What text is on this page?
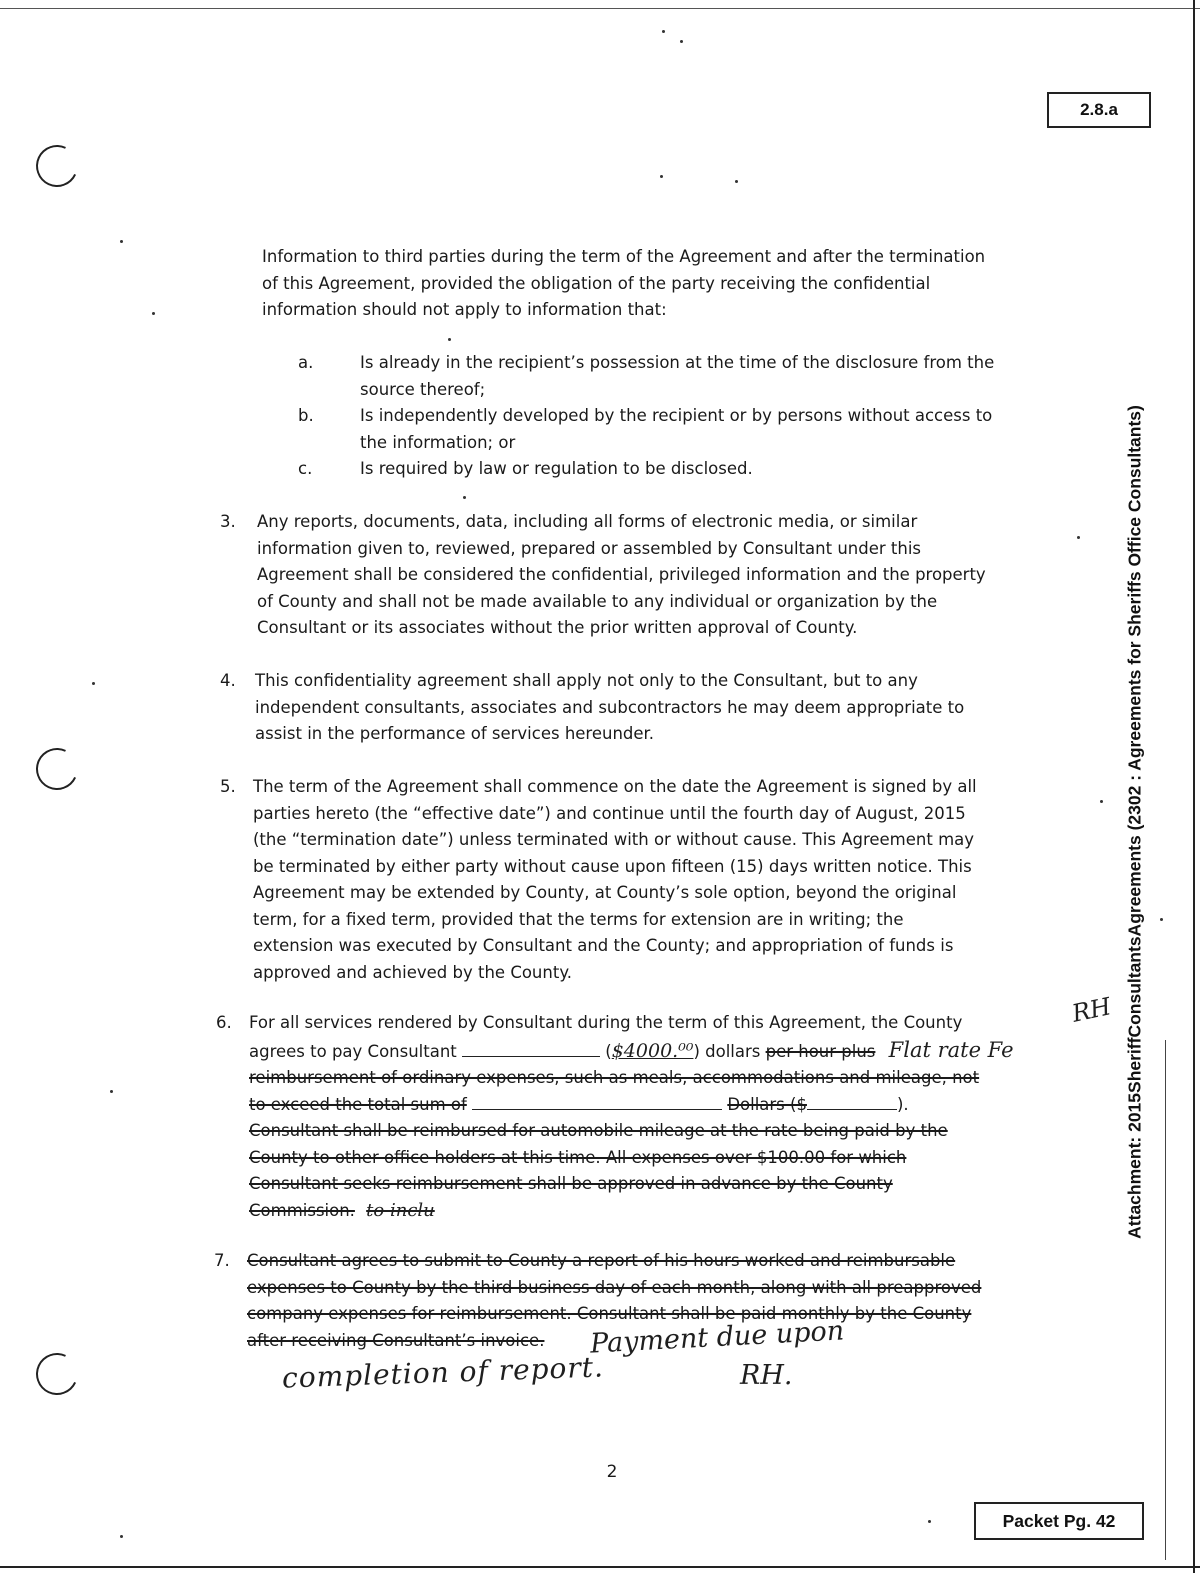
2.8.a
Attachment: 2015SheriffConsultantsAgreements (2302 : Agreements for Sheriffs Office Consultants)
Information to third parties during the term of the Agreement and after the termination
of this Agreement, provided the obligation of the party receiving the confidential
information should not apply to information that:
a.	Is already in the recipient’s possession at the time of the disclosure from the
source thereof;
b.	Is independently developed by the recipient or by persons without access to
the information; or
c.	Is required by law or regulation to be disclosed.
3. Any reports, documents, data, including all forms of electronic media, or similar
information given to, reviewed, prepared or assembled by Consultant under this
Agreement shall be considered the confidential, privileged information and the property
of County and shall not be made available to any individual or organization by the
Consultant or its associates without the prior written approval of County.
4. This confidentiality agreement shall apply not only to the Consultant, but to any
independent consultants, associates and subcontractors he may deem appropriate to
assist in the performance of services hereunder.
5. The term of the Agreement shall commence on the date the Agreement is signed by all
parties hereto (the “effective date”) and continue until the fourth day of August, 2015
(the “termination date”) unless terminated with or without cause. This Agreement may
be terminated by either party without cause upon fifteen (15) days written notice. This
Agreement may be extended by County, at County’s sole option, beyond the original
term, for a fixed term, provided that the terms for extension are in writing; the
extension was executed by Consultant and the County; and appropriation of funds is
approved and achieved by the County.
6. For all services rendered by Consultant during the term of this Agreement, the County
agrees to pay Consultant	($4000.⁰⁰) dollars per hour plus Flat rate Fe
reimbursement of ordinary expenses, such as meals, accommodations and mileage, not
to exceed the total sum of	Dollars ($	).
Consultant shall be reimbursed for automobile mileage at the rate being paid by the
County to other office holders at this time. All expenses over $100.00 for which
Consultant seeks reimbursement shall be approved in advance by the County
Commission. to inclu
RH
7. Consultant agrees to submit to County a report of his hours worked and reimbursable
expenses to County by the third business day of each month, along with all preapproved
company expenses for reimbursement. Consultant shall be paid monthly by the County
after receiving Consultant’s invoice.	Payment due upon
completion of report.	RH.
2
Packet Pg. 42
